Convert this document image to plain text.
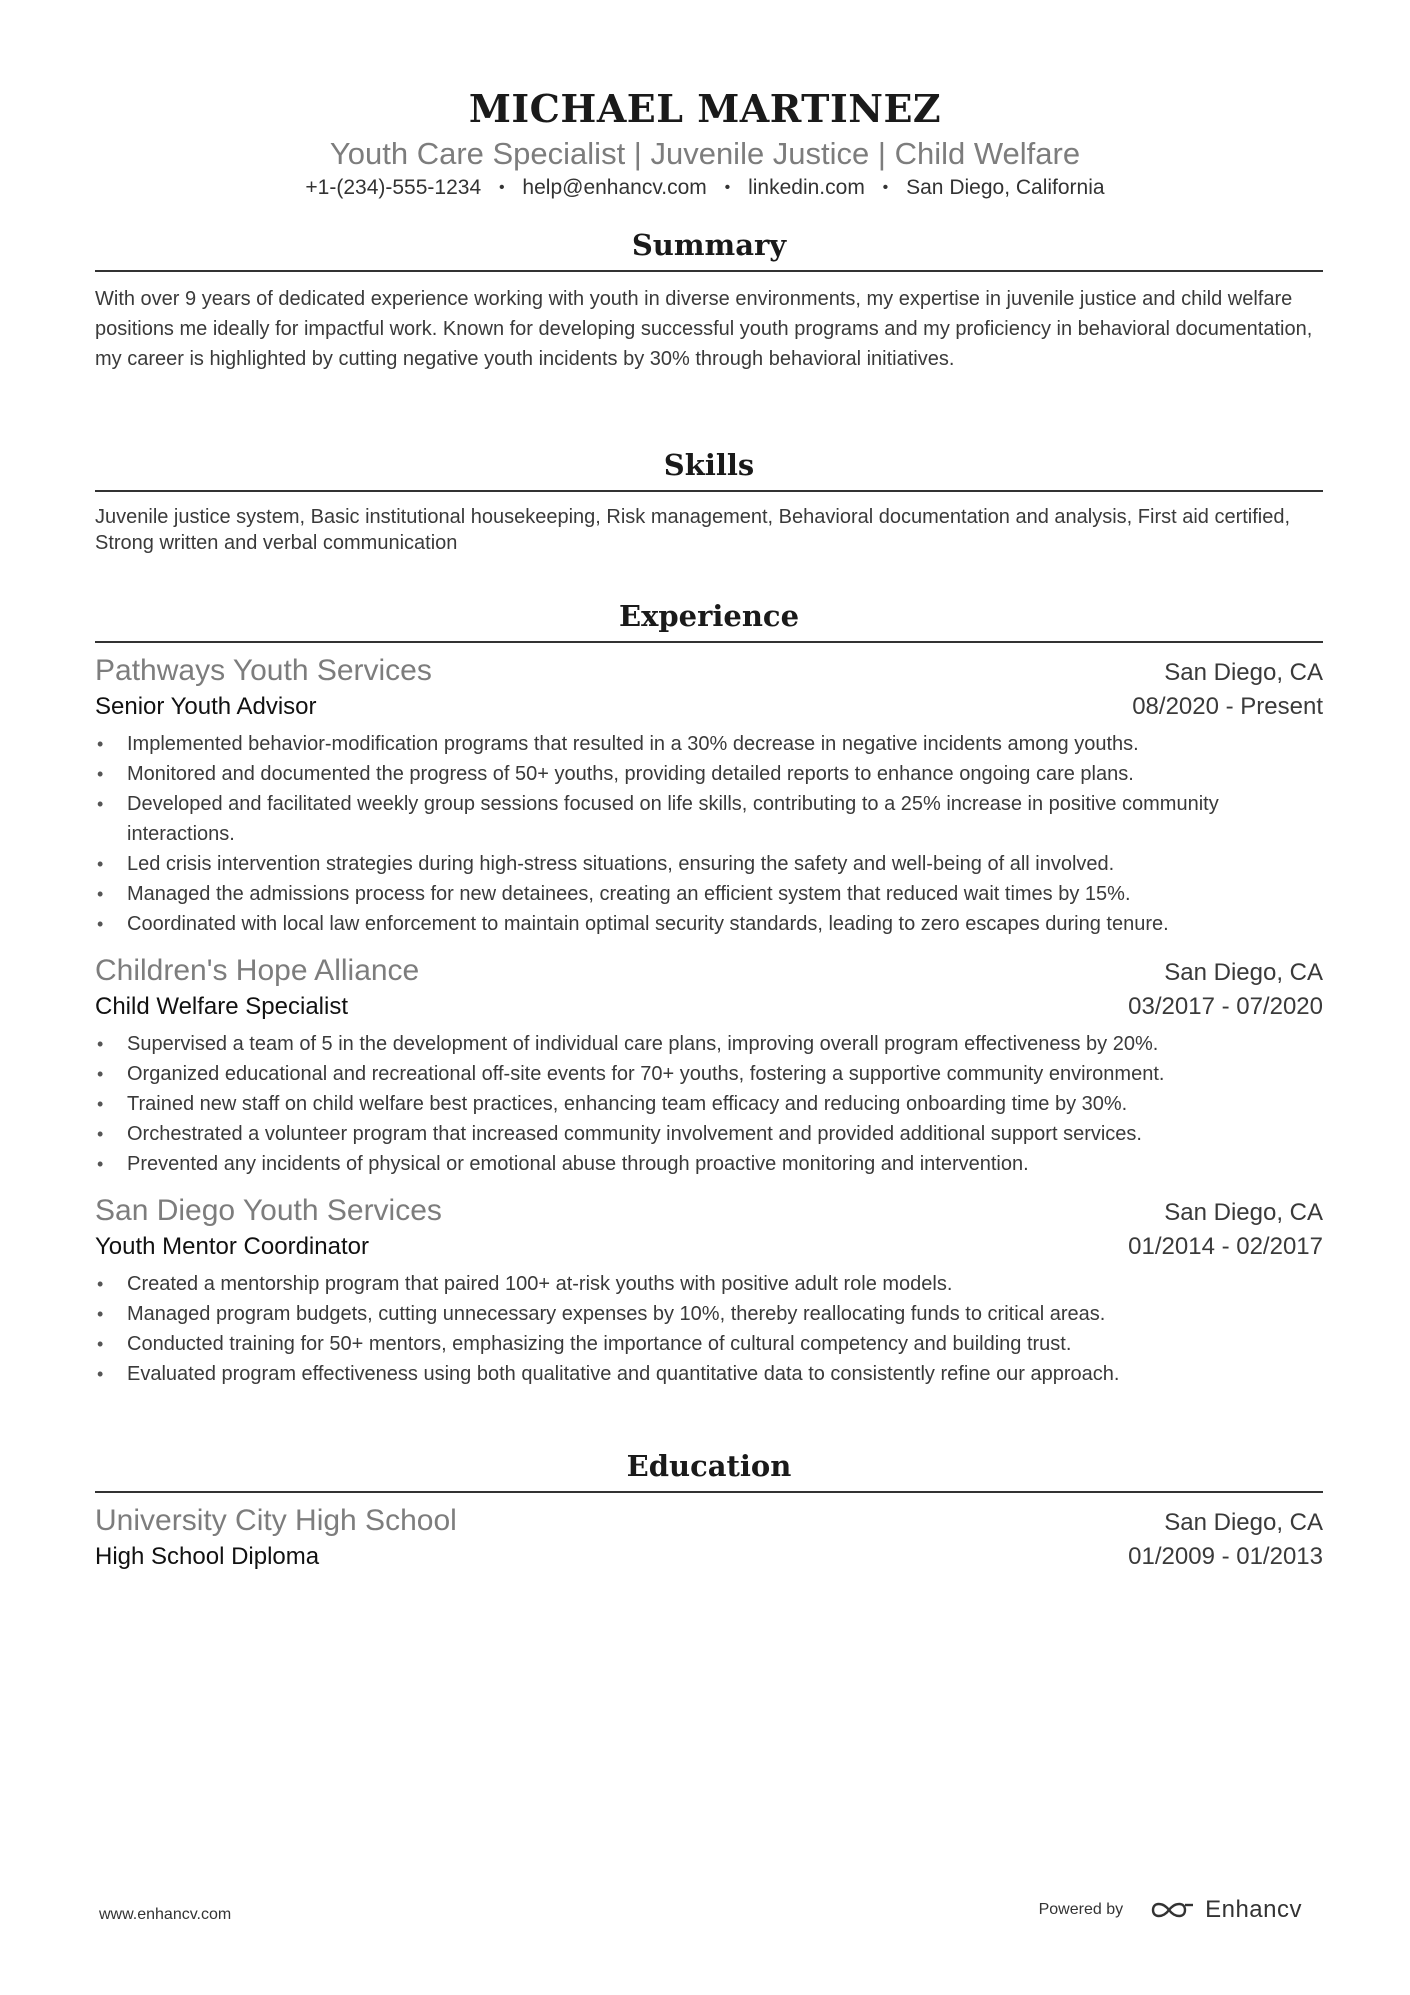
MICHAEL MARTINEZ
Youth Care Specialist | Juvenile Justice | Child Welfare
+1-(234)-555-1234 • help@enhancv.com • linkedin.com • San Diego, California
Summary
With over 9 years of dedicated experience working with youth in diverse environments, my expertise in juvenile justice and child welfare positions me ideally for impactful work. Known for developing successful youth programs and my proficiency in behavioral documentation, my career is highlighted by cutting negative youth incidents by 30% through behavioral initiatives.
Skills
Juvenile justice system, Basic institutional housekeeping, Risk management, Behavioral documentation and analysis, First aid certified, Strong written and verbal communication
Experience
Pathways Youth Services	San Diego, CA
Senior Youth Advisor	08/2020 - Present
• Implemented behavior-modification programs that resulted in a 30% decrease in negative incidents among youths.
• Monitored and documented the progress of 50+ youths, providing detailed reports to enhance ongoing care plans.
• Developed and facilitated weekly group sessions focused on life skills, contributing to a 25% increase in positive community interactions.
• Led crisis intervention strategies during high-stress situations, ensuring the safety and well-being of all involved.
• Managed the admissions process for new detainees, creating an efficient system that reduced wait times by 15%.
• Coordinated with local law enforcement to maintain optimal security standards, leading to zero escapes during tenure.
Children's Hope Alliance	San Diego, CA
Child Welfare Specialist	03/2017 - 07/2020
• Supervised a team of 5 in the development of individual care plans, improving overall program effectiveness by 20%.
• Organized educational and recreational off-site events for 70+ youths, fostering a supportive community environment.
• Trained new staff on child welfare best practices, enhancing team efficacy and reducing onboarding time by 30%.
• Orchestrated a volunteer program that increased community involvement and provided additional support services.
• Prevented any incidents of physical or emotional abuse through proactive monitoring and intervention.
San Diego Youth Services	San Diego, CA
Youth Mentor Coordinator	01/2014 - 02/2017
• Created a mentorship program that paired 100+ at-risk youths with positive adult role models.
• Managed program budgets, cutting unnecessary expenses by 10%, thereby reallocating funds to critical areas.
• Conducted training for 50+ mentors, emphasizing the importance of cultural competency and building trust.
• Evaluated program effectiveness using both qualitative and quantitative data to consistently refine our approach.
Education
University City High School	San Diego, CA
High School Diploma	01/2009 - 01/2013
www.enhancv.com	Powered by	Enhancv
